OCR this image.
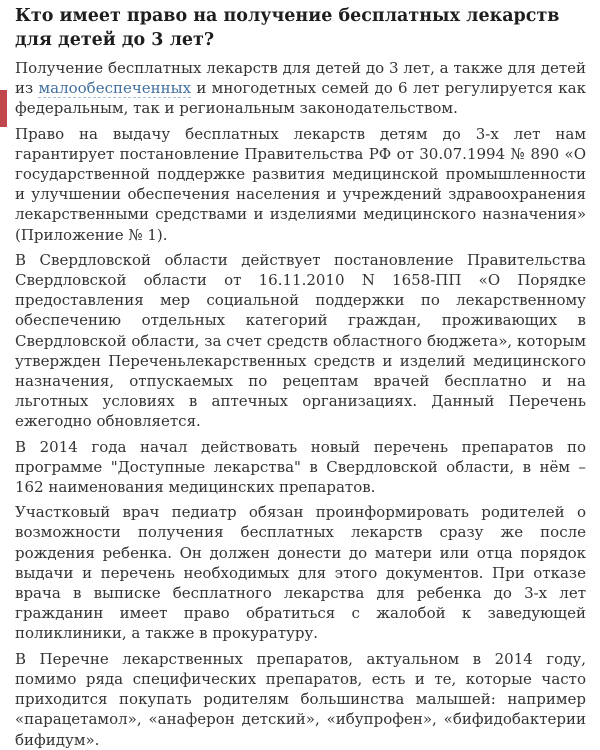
Кто имеет право на получение бесплатных лекарств для детей до 3 лет?

Получение бесплатных лекарств для детей до 3 лет, а также для детей из малообеспеченных и многодетных семей до 6 лет регулируется как федеральным, так и региональным законодательством.

Право на выдачу бесплатных лекарств детям до 3-х лет нам гарантирует постановление Правительства РФ от 30.07.1994 № 890 «О государственной поддержке развития медицинской промышленности и улучшении обеспечения населения и учреждений здравоохранения лекарственными средствами и изделиями медицинского назначения» (Приложение № 1).

В Свердловской области действует постановление Правительства Свердловской области от 16.11.2010 N 1658-ПП «О Порядке предоставления мер социальной поддержки по лекарственному обеспечению отдельных категорий граждан, проживающих в Свердловской области, за счет средств областного бюджета», которым утвержден Переченьлекарственных средств и изделий медицинского назначения, отпускаемых по рецептам врачей бесплатно и на льготных условиях в аптечных организациях. Данный Перечень ежегодно обновляется.

В 2014 года начал действовать новый перечень препаратов по программе "Доступные лекарства" в Свердловской области, в нём – 162 наименования медицинских препаратов.

Участковый врач педиатр обязан проинформировать родителей о возможности получения бесплатных лекарств сразу же после рождения ребенка. Он должен донести до матери или отца порядок выдачи и перечень необходимых для этого документов. При отказе врача в выписке бесплатного лекарства для ребенка до 3-х лет гражданин имеет право обратиться с жалобой к заведующей поликлиники, а также в прокуратуру.

В Перечне лекарственных препаратов, актуальном в 2014 году, помимо ряда специфических препаратов, есть и те, которые часто приходится покупать родителям большинства малышей: например «парацетамол», «анаферон детский», «ибупрофен», «бифидобактерии бифидум».
